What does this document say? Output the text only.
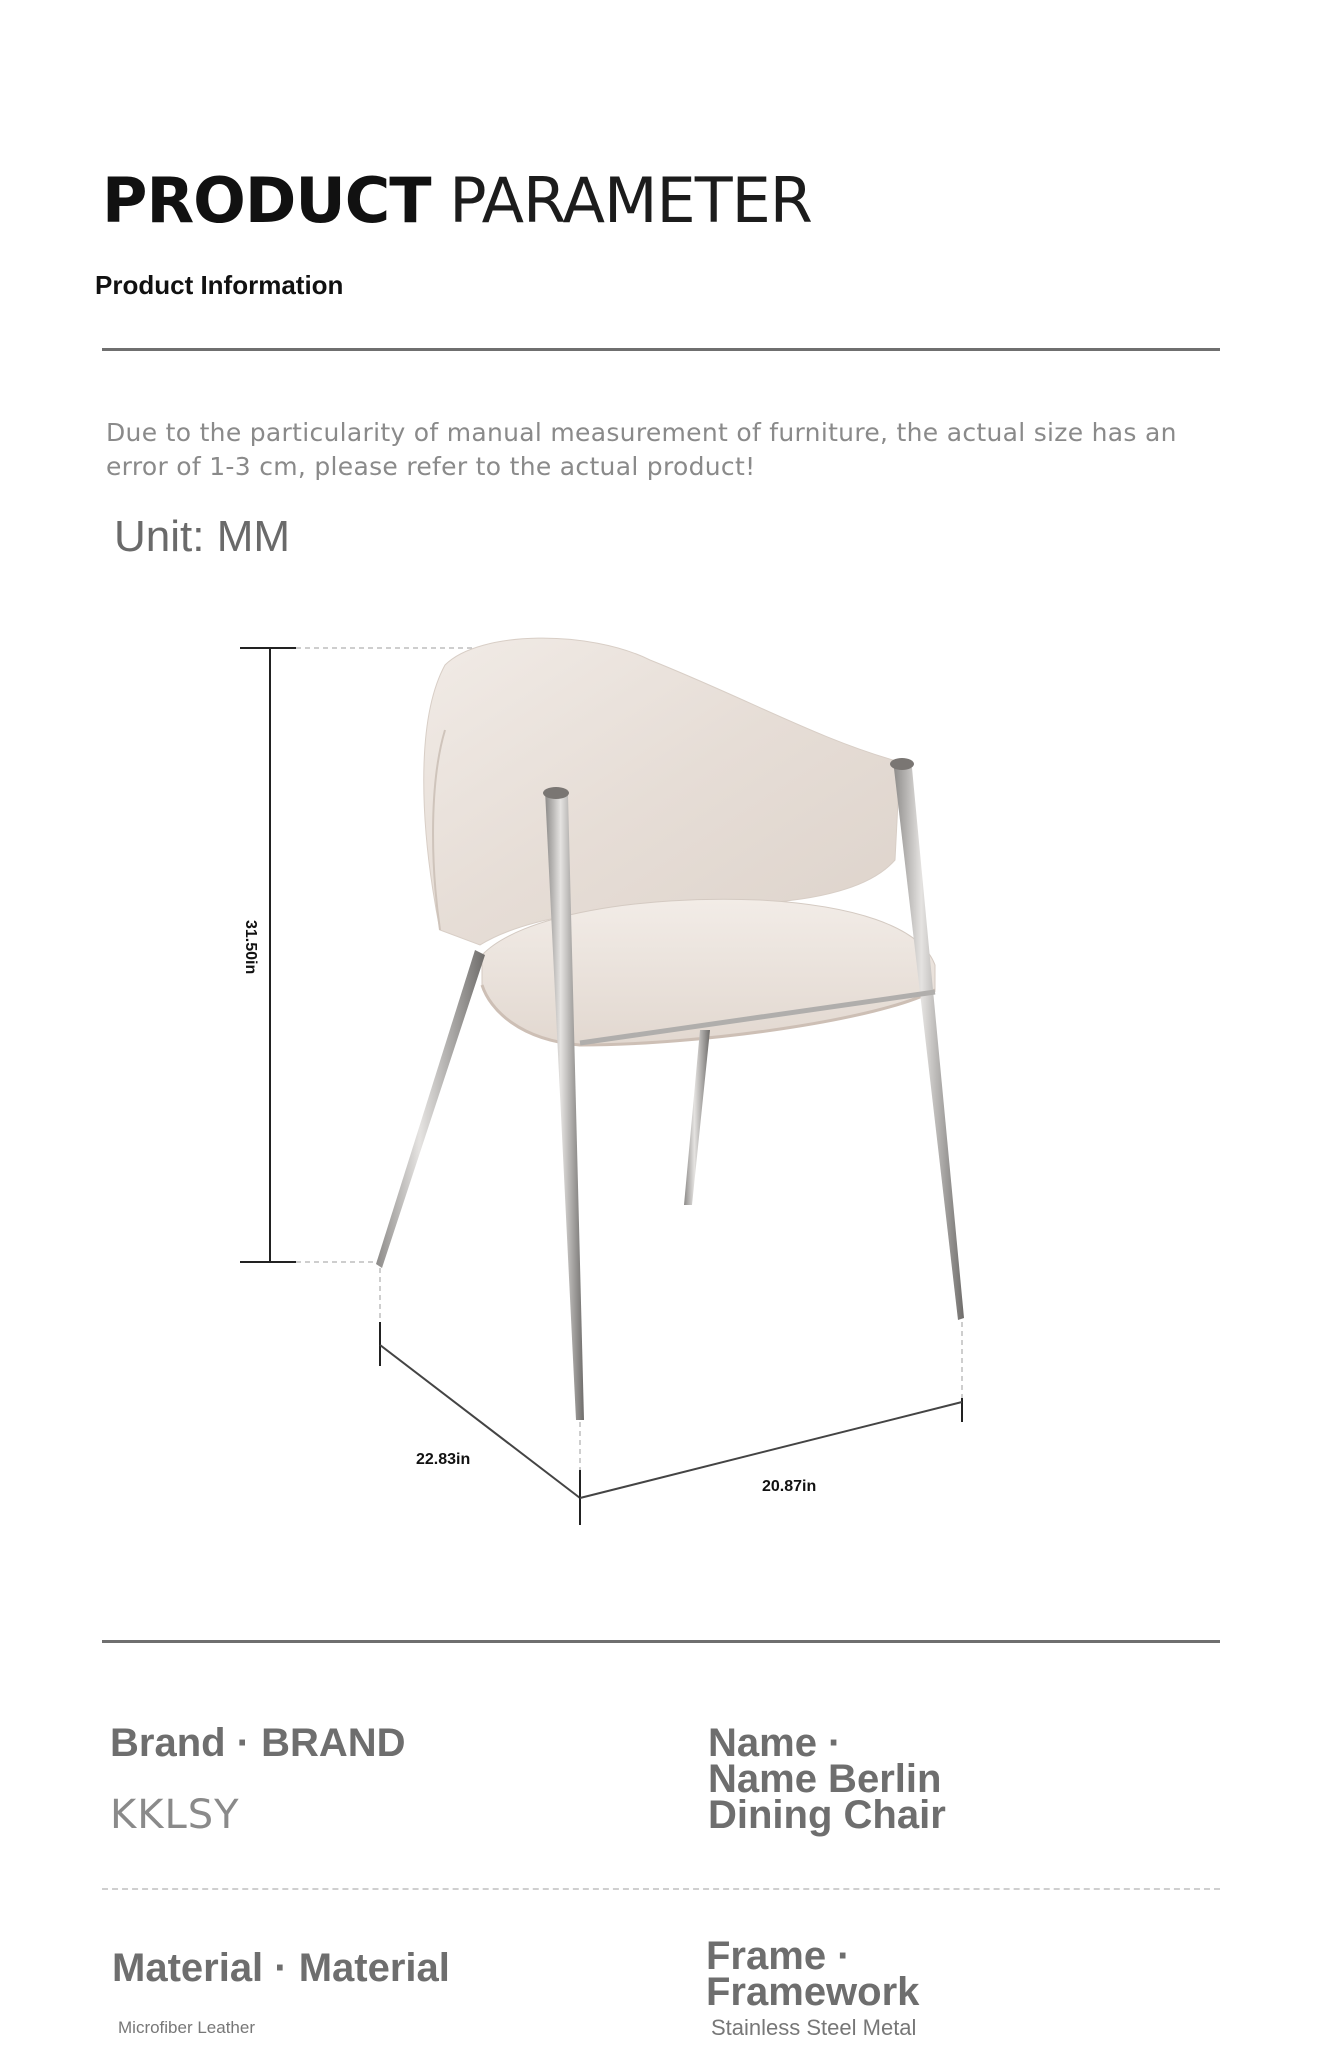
PRODUCT PARAMETER
Product Information
Due to the particularity of manual measurement of furniture, the actual size has an error of 1-3 cm, please refer to the actual product!
Unit: MM
31.50in
22.83in
20.87in
Brand · BRAND
KKLSY
Name ·
Name Berlin
Dining Chair
Material · Material
Microfiber Leather
Frame ·
Framework
Stainless Steel Metal
